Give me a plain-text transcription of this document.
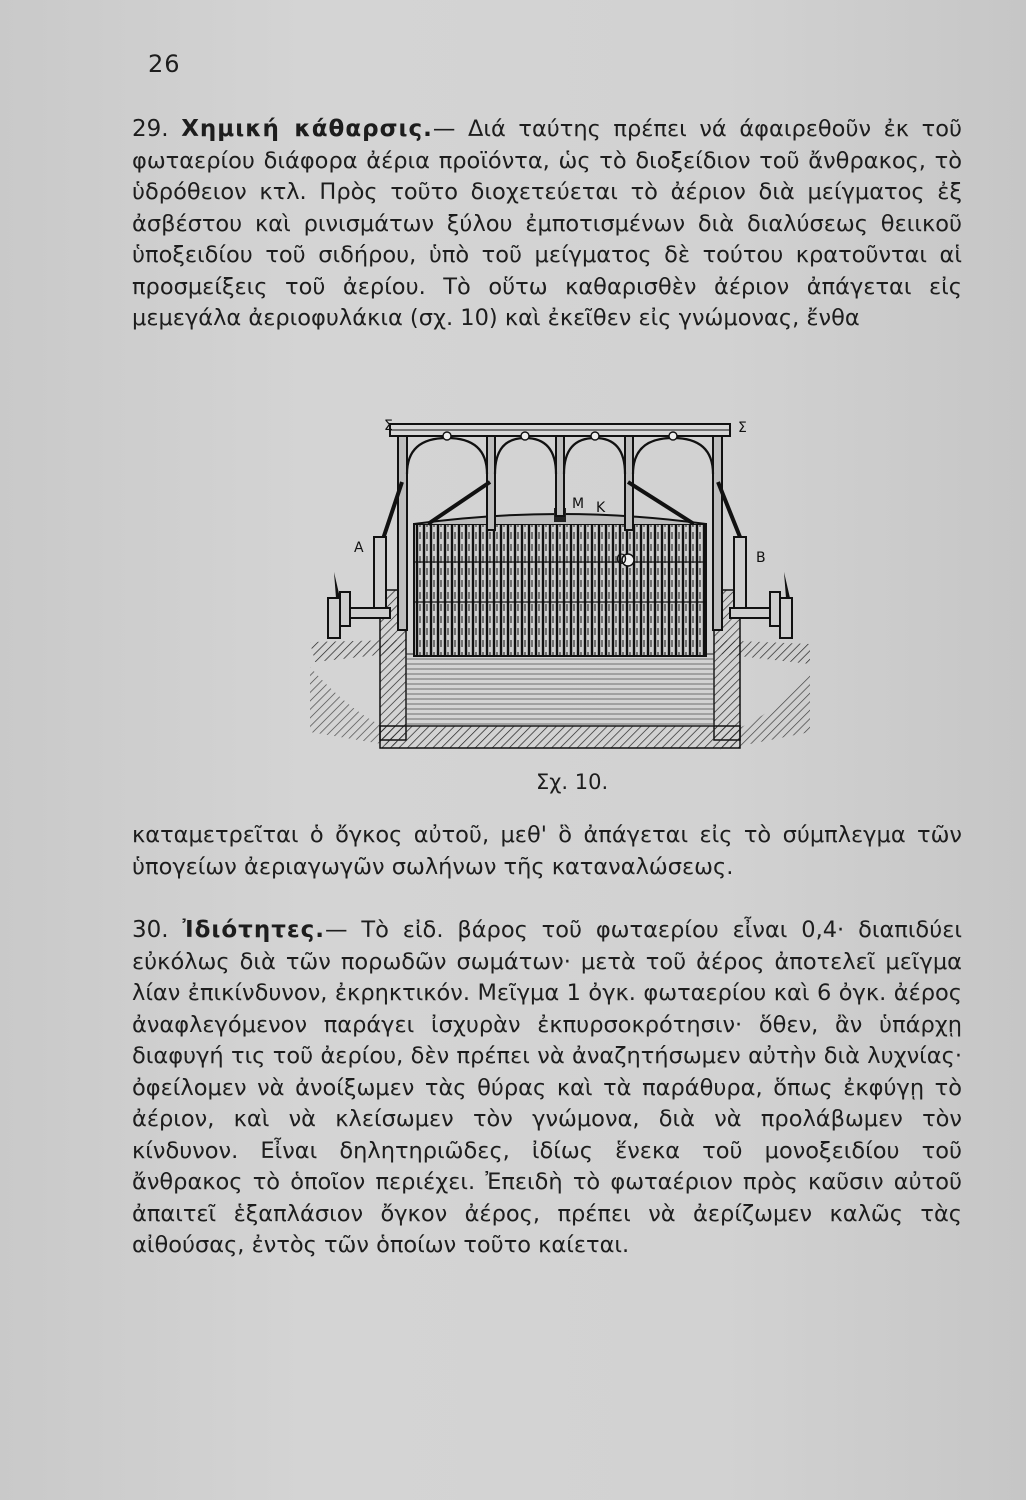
26

29. Χημική κάθαρσις.— Διά ταύτης πρέπει νά άφαιρεθοῦν ἐκ τοῦ φωταερίου διάφορα ἀέρια προϊόντα, ὡς τὸ διοξείδιον τοῦ ἄνθρακος, τὸ ὑδρόθειον κτλ. Πρὸς τοῦτο διοχετεύεται τὸ ἀέριον διὰ μείγματος ἐξ ἀσβέστου καὶ ρινισμάτων ξύλου ἐμποτισμένων διὰ διαλύσεως θειικοῦ ὑποξειδίου τοῦ σιδήρου, ὑπὸ τοῦ μείγματος δὲ τούτου κρατοῦνται αἱ προσμείξεις τοῦ ἀερίου. Τὸ οὕτω καθαρισθὲν ἀέριον ἀπάγεται εἰς μεμεγάλα ἀεριοφυλάκια (σχ. 10) καὶ ἐκεῖθεν εἰς γνώμονας, ἔνθα

Σ	Σ
Α
Β
Μ Κ
Ο
Σχ. 10.

καταμετρεῖται ὁ ὄγκος αὐτοῦ, μεθ' ὃ ἀπάγεται εἰς τὸ σύμπλεγμα τῶν ὑπογείων ἀεριαγωγῶν σωλήνων τῆς καταναλώσεως.

30. Ἰδιότητες.— Τὸ εἰδ. βάρος τοῦ φωταερίου εἶναι 0,4· διαπιδύει εὐκόλως διὰ τῶν πορωδῶν σωμάτων· μετὰ τοῦ ἀέρος ἀποτελεῖ μεῖγμα λίαν ἐπικίνδυνον, ἐκρηκτικόν. Μεῖγμα 1 ὀγκ. φωταερίου καὶ 6 ὀγκ. ἀέρος ἀναφλεγόμενον παράγει ἰσχυρὰν ἐκπυρσοκρότησιν· ὅθεν, ἂν ὑπάρχῃ διαφυγή τις τοῦ ἀερίου, δὲν πρέπει νὰ ἀναζητήσωμεν αὐτὴν διὰ λυχνίας· ὀφείλομεν νὰ ἀνοίξωμεν τὰς θύρας καὶ τὰ παράθυρα, ὅπως ἐκφύγῃ τὸ ἀέριον, καὶ νὰ κλείσωμεν τὸν γνώμονα, διὰ νὰ προλάβωμεν τὸν κίνδυνον. Εἶναι δηλητηριῶδες, ἰδίως ἕνεκα τοῦ μονοξειδίου τοῦ ἄνθρακος τὸ ὁποῖον περιέχει. Ἐπειδὴ τὸ φωταέριον πρὸς καῦσιν αὐτοῦ ἀπαιτεῖ ἑξαπλάσιον ὄγκον ἀέρος, πρέπει νὰ ἀερίζωμεν καλῶς τὰς αἰθούσας, ἐντὸς τῶν ὁποίων τοῦτο καίεται.
